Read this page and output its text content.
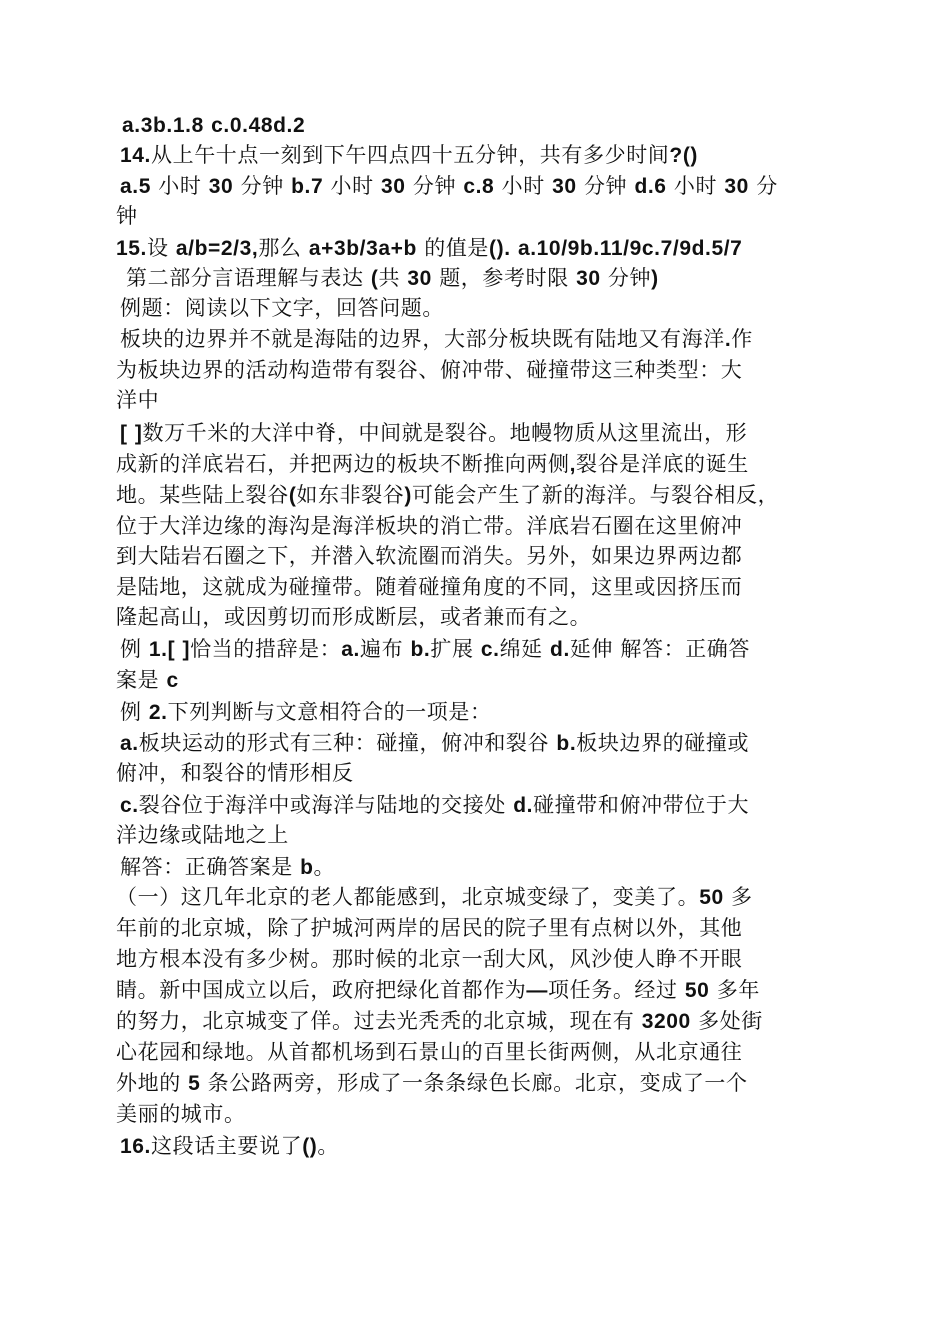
a.3b.1.8 c.0.48d.2
14.从上午十点一刻到下午四点四十五分钟，共有多少时间?()
a.5 小时 30 分钟 b.7 小时 30 分钟 c.8 小时 30 分钟 d.6 小时 30 分
钟
15.设 a/b=2/3,那么 a+3b/3a+b 的值是(). a.10/9b.11/9c.7/9d.5/7
第二部分言语理解与表达 (共 30 题，参考时限 30 分钟)
例题：阅读以下文字，回答问题。
板块的边界并不就是海陆的边界，大部分板块既有陆地又有海洋.作
为板块边界的活动构造带有裂谷、俯冲带、碰撞带这三种类型：大
洋中
[ ]数万千米的大洋中脊，中间就是裂谷。地幔物质从这里流出，形
成新的洋底岩石，并把两边的板块不断推向两侧,裂谷是洋底的诞生
地。某些陆上裂谷(如东非裂谷)可能会产生了新的海洋。与裂谷相反，
位于大洋边缘的海沟是海洋板块的消亡带。洋底岩石圈在这里俯冲
到大陆岩石圈之下，并潜入软流圈而消失。另外，如果边界两边都
是陆地，这就成为碰撞带。随着碰撞角度的不同，这里或因挤压而
隆起高山，或因剪切而形成断层，或者兼而有之。
例 1.[ ]恰当的措辞是：a.遍布 b.扩展 c.绵延 d.延伸 解答：正确答
案是 c
例 2.下列判断与文意相符合的一项是：
a.板块运动的形式有三种：碰撞，俯冲和裂谷 b.板块边界的碰撞或
俯冲，和裂谷的情形相反
c.裂谷位于海洋中或海洋与陆地的交接处 d.碰撞带和俯冲带位于大
洋边缘或陆地之上
解答：正确答案是 b。
（一）这几年北京的老人都能感到，北京城变绿了，变美了。50 多
年前的北京城，除了护城河两岸的居民的院子里有点树以外，其他
地方根本没有多少树。那时候的北京一刮大风，风沙使人睁不开眼
睛。新中国成立以后，政府把绿化首都作为—项任务。经过 50 多年
的努力，北京城变了佯。过去光秃秃的北京城，现在有 3200 多处街
心花园和绿地。从首都机场到石景山的百里长街两侧，从北京通往
外地的 5 条公路两旁，形成了一条条绿色长廊。北京，变成了一个
美丽的城市。
16.这段话主要说了()。
